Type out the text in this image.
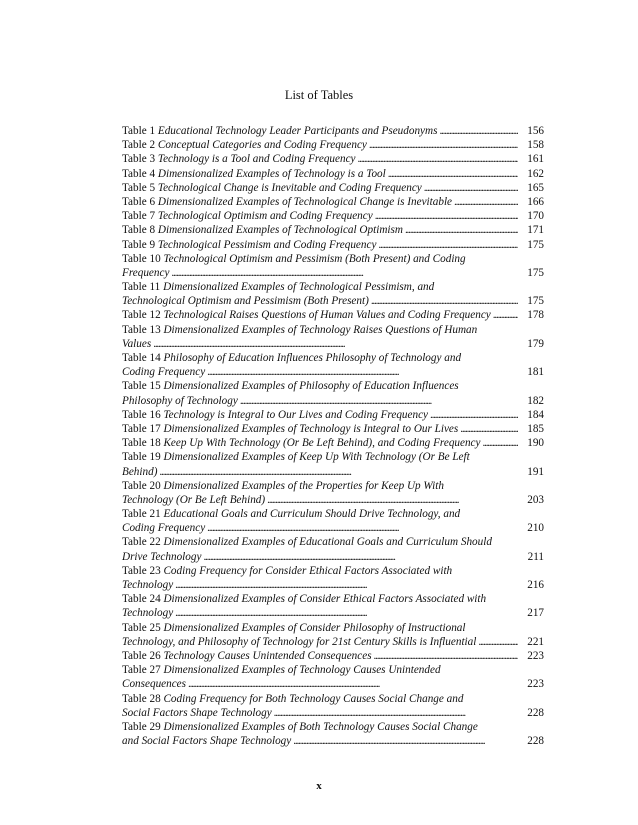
List of Tables
Table 1 Educational Technology Leader Participants and Pseudonyms . . .	156
Table 2 Conceptual Categories and Coding Frequency . . .	158
Table 3 Technology is a Tool and Coding Frequency . . .	161
Table 4 Dimensionalized Examples of Technology is a Tool . . .	162
Table 5 Technological Change is Inevitable and Coding Frequency . . .	165
Table 6 Dimensionalized Examples of Technological Change is Inevitable . . .	166
Table 7 Technological Optimism and Coding Frequency . . .	170
Table 8 Dimensionalized Examples of Technological Optimism . . .	171
Table 9 Technological Pessimism and Coding Frequency . . .	175
Table 10 Technological Optimism and Pessimism (Both Present) and Coding
Frequency . . .	175
Table 11 Dimensionalized Examples of Technological Pessimism, and
Technological Optimism and Pessimism (Both Present) . . .	175
Table 12 Technological Raises Questions of Human Values and Coding Frequency . . .	178
Table 13 Dimensionalized Examples of Technology Raises Questions of Human
Values . . .	179
Table 14 Philosophy of Education Influences Philosophy of Technology and
Coding Frequency . . .	181
Table 15 Dimensionalized Examples of Philosophy of Education Influences
Philosophy of Technology . . .	182
Table 16 Technology is Integral to Our Lives and Coding Frequency . . .	184
Table 17 Dimensionalized Examples of Technology is Integral to Our Lives . . .	185
Table 18 Keep Up With Technology (Or Be Left Behind), and Coding Frequency . . .	190
Table 19 Dimensionalized Examples of Keep Up With Technology (Or Be Left
Behind) . . .	191
Table 20 Dimensionalized Examples of the Properties for Keep Up With
Technology (Or Be Left Behind) . . .	203
Table 21 Educational Goals and Curriculum Should Drive Technology, and
Coding Frequency . . .	210
Table 22 Dimensionalized Examples of Educational Goals and Curriculum Should
Drive Technology . . .	211
Table 23 Coding Frequency for Consider Ethical Factors Associated with
Technology . . .	216
Table 24 Dimensionalized Examples of Consider Ethical Factors Associated with
Technology . . .	217
Table 25 Dimensionalized Examples of Consider Philosophy of Instructional
Technology, and Philosophy of Technology for 21st Century Skills is Influential . . .	221
Table 26 Technology Causes Unintended Consequences . . .	223
Table 27 Dimensionalized Examples of Technology Causes Unintended
Consequences . . .	223
Table 28 Coding Frequency for Both Technology Causes Social Change and
Social Factors Shape Technology . . .	228
Table 29 Dimensionalized Examples of Both Technology Causes Social Change
and Social Factors Shape Technology . . .	228
x
